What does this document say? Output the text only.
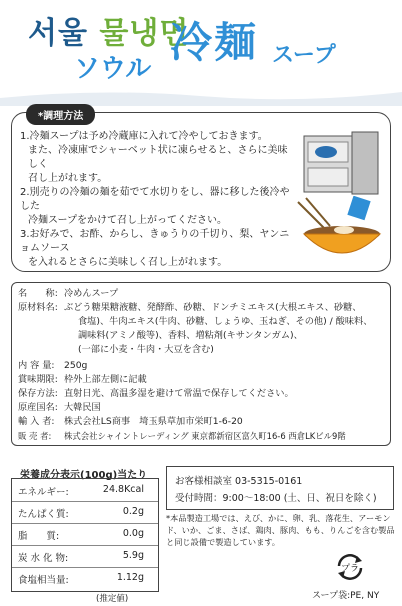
서울 물냉면
ソウル
冷麺 スープ
*調理方法
1.冷麺スープは予め冷蔵庫に入れて冷やしておきます。
また、冷凍庫でシャーベット状に凍らせると、さらに美味しく
召し上がれます。
2.別売りの冷麺の麺を茹でて水切りをし、器に移した後冷やした
冷麺スープをかけて召し上がってください。
3.お好みで、お酢、からし、きゅうりの千切り、梨、ヤンニョムソース
を入れるとさらに美味しく召し上がれます。
名　　称: 冷めんスープ
原材料名: ぶどう糖果糖液糖、発酵酢、砂糖、ドンチミエキス(大根エキス、砂糖、
食塩)、牛肉エキス(牛肉、砂糖、しょうゆ、玉ねぎ、その他) / 酸味料、
調味料(アミノ酸等)、香料、増粘剤(キサンタンガム)、
(一部に小麦・牛肉・大豆を含む)
内 容 量: 250g
賞味期限: 枠外上部左側に記載
保存方法: 直射日光、高温多湿を避けて常温で保存してください。
原産国名: 大韓民国
輸 入 者: 株式会社LS商事　埼玉県草加市栄町1-6-20
販 売 者: 株式会社シャイントレーディング 東京都新宿区富久町16-6 西倉LKビル9階
栄養成分表示(100g)当たり
エネルギー:	24.8Kcal
たんぱく質:	0.2g
脂　　質:	0.0g
炭 水 化 物:	5.9g
食塩相当量:	1.12g
(推定値)
お客様相談室 03-5315-0161
受付時間：9:00～18:00 (土、日、祝日を除く)
*本品製造工場では、えび、かに、卵、乳、落花生、アーモンド、いか、ごま、さば、鶏肉、豚肉、もも、りんごを含む製品と同じ設備で製造しています。
プラ
スープ袋:PE, NY
